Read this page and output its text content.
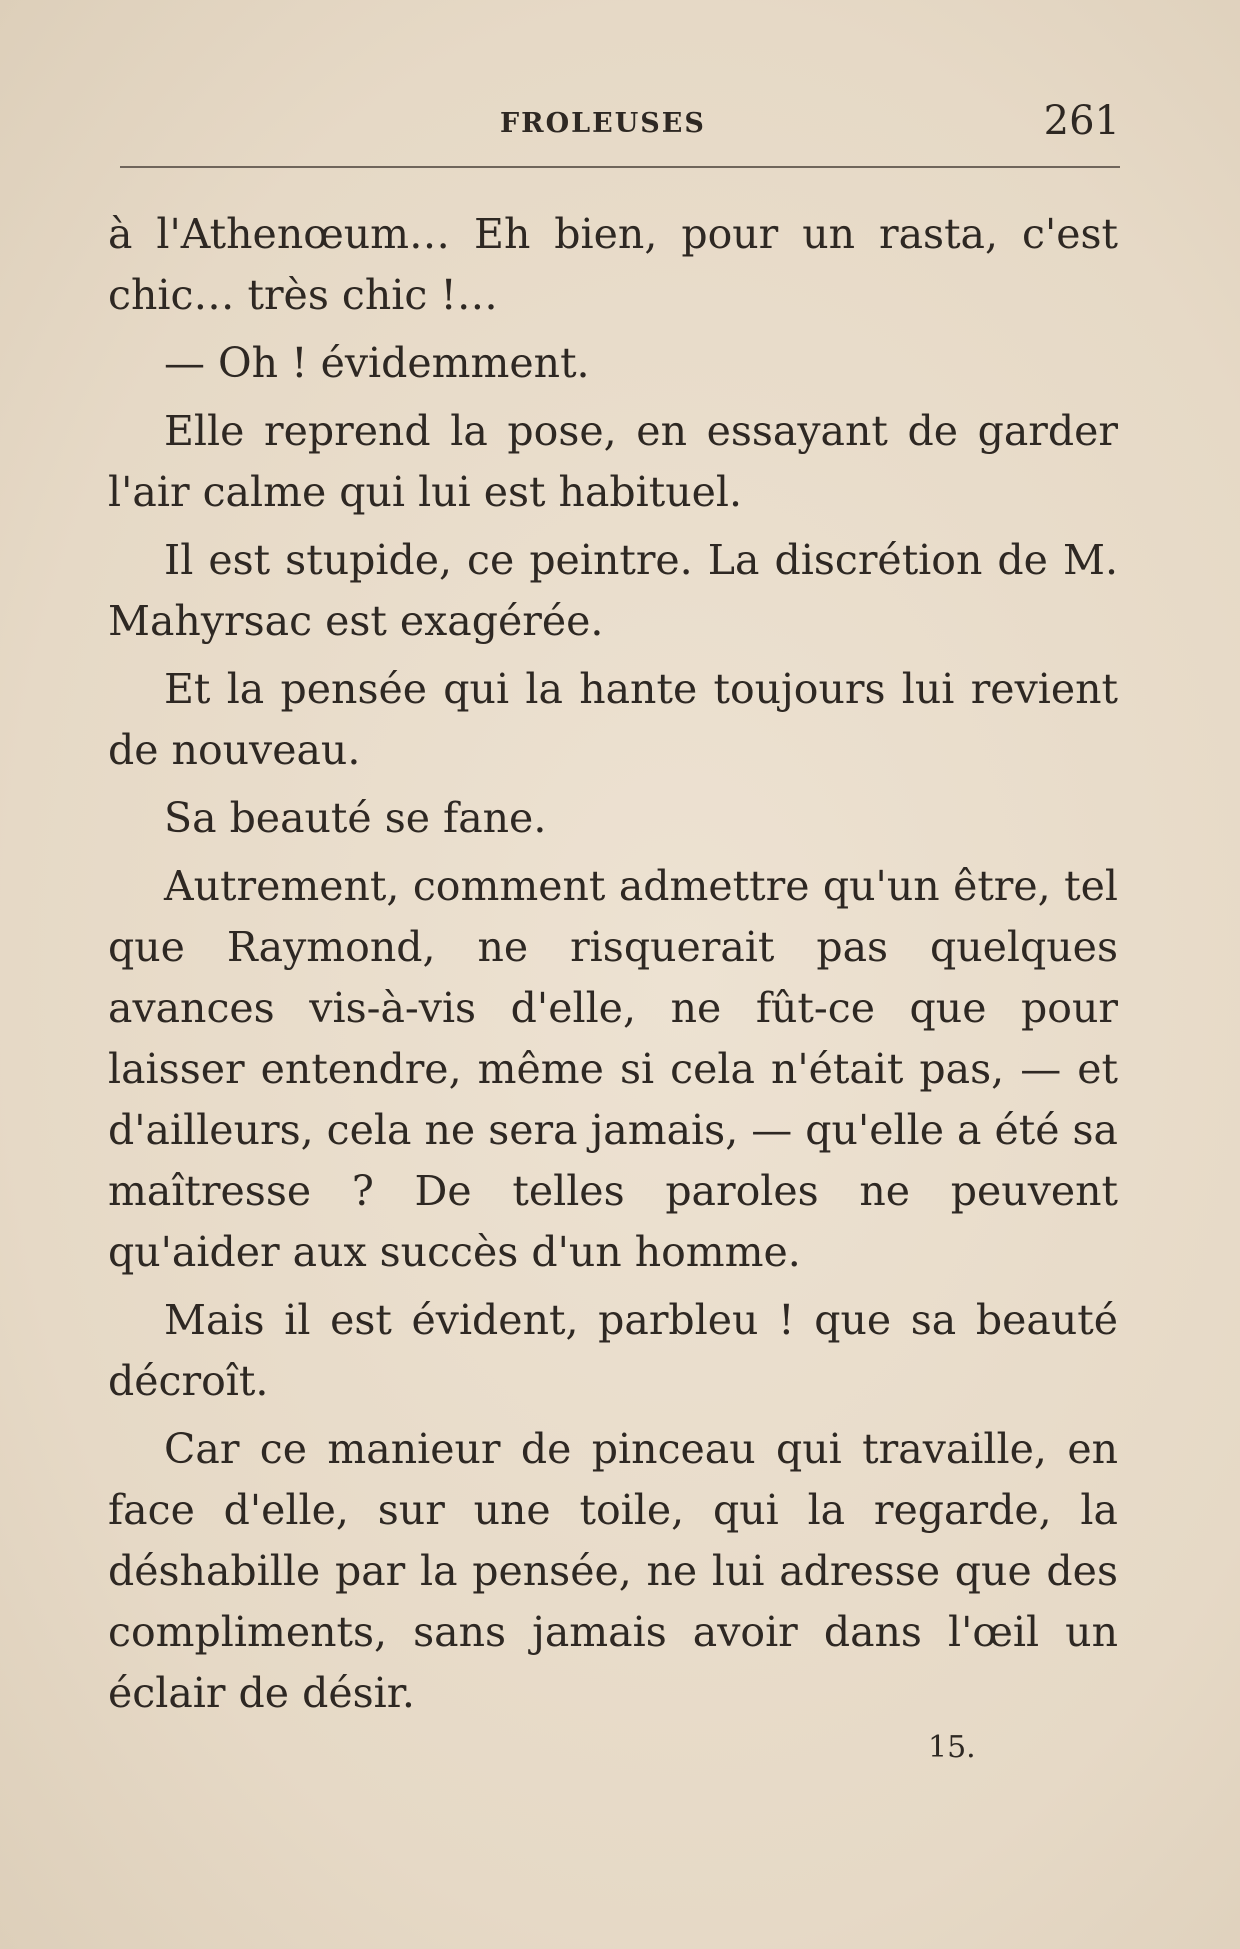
FROLEUSES	261

à l'Athenœum… Eh bien, pour un rasta, c'est chic… très chic !…

— Oh ! évidemment.

Elle reprend la pose, en essayant de garder l'air calme qui lui est habituel.

Il est stupide, ce peintre. La discrétion de M. Mahyrsac est exagérée.

Et la pensée qui la hante toujours lui revient de nouveau.

Sa beauté se fane.

Autrement, comment admettre qu'un être, tel que Raymond, ne risquerait pas quelques avances vis-à-vis d'elle, ne fût-ce que pour laisser entendre, même si cela n'était pas, — et d'ailleurs, cela ne sera jamais, — qu'elle a été sa maîtresse ? De telles paroles ne peuvent qu'aider aux succès d'un homme.

Mais il est évident, parbleu ! que sa beauté décroît.

Car ce manieur de pinceau qui travaille, en face d'elle, sur une toile, qui la regarde, la déshabille par la pensée, ne lui adresse que des compliments, sans jamais avoir dans l'œil un éclair de désir.

15.
